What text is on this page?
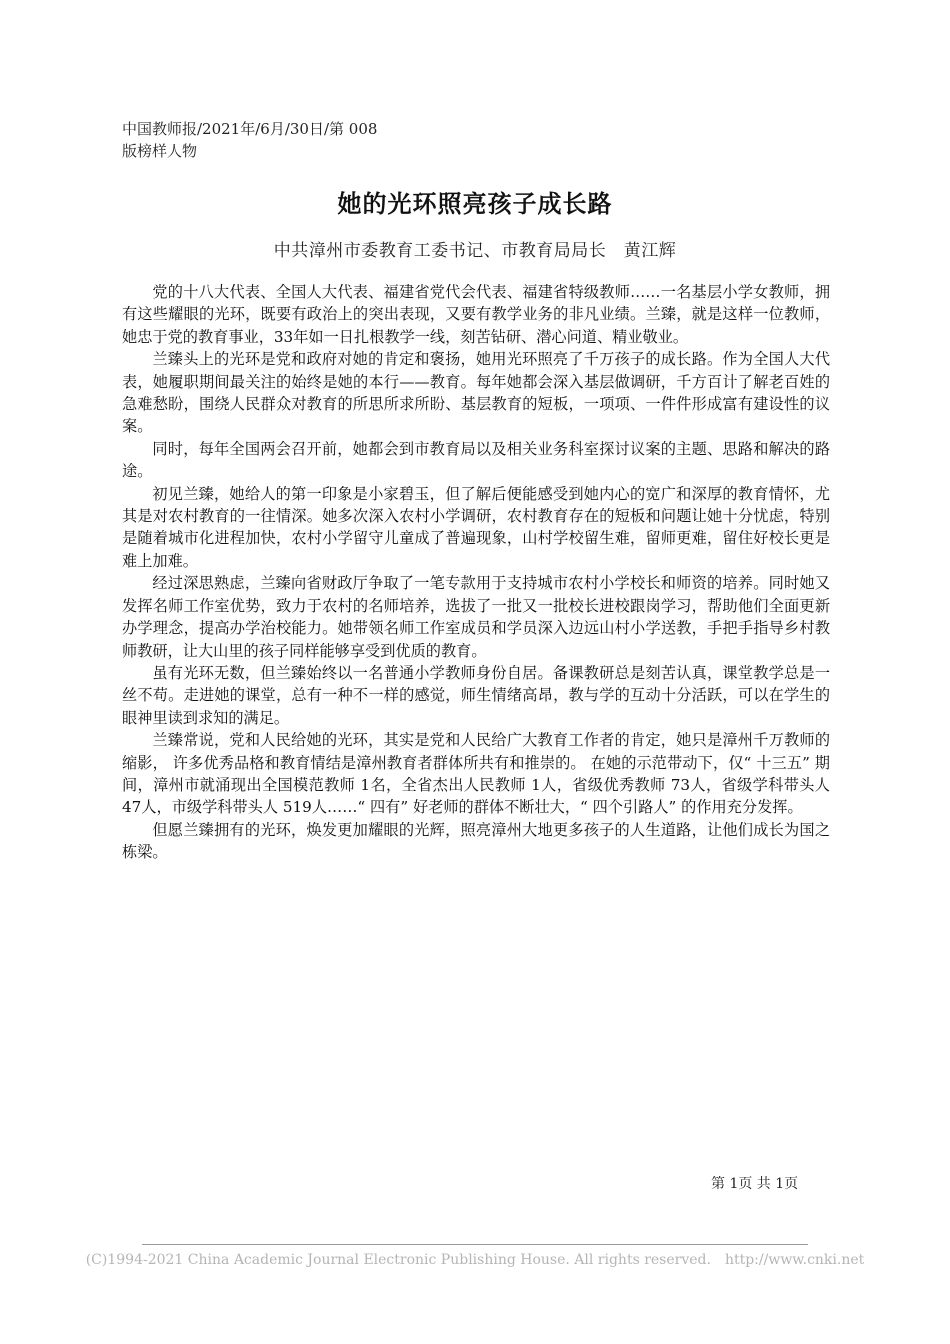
中国教师报/2021年/6月/30日/第 008
版榜样人物
她的光环照亮孩子成长路
中共漳州市委教育工委书记、市教育局局长　黄江辉

党的十八大代表、全国人大代表、福建省党代会代表、福建省特级教师……一名基层小学女教师，拥有这些耀眼的光环，既要有政治上的突出表现，又要有教学业务的非凡业绩。兰臻，就是这样一位教师，她忠于党的教育事业，33年如一日扎根教学一线，刻苦钻研、潜心问道、精业敬业。

兰臻头上的光环是党和政府对她的肯定和褒扬，她用光环照亮了千万孩子的成长路。作为全国人大代表，她履职期间最关注的始终是她的本行——教育。每年她都会深入基层做调研，千方百计了解老百姓的急难愁盼，围绕人民群众对教育的所思所求所盼、基层教育的短板，一项项、一件件形成富有建设性的议案。

同时，每年全国两会召开前，她都会到市教育局以及相关业务科室探讨议案的主题、思路和解决的路途。

初见兰臻，她给人的第一印象是小家碧玉，但了解后便能感受到她内心的宽广和深厚的教育情怀，尤其是对农村教育的一往情深。她多次深入农村小学调研，农村教育存在的短板和问题让她十分忧虑，特别是随着城市化进程加快，农村小学留守儿童成了普遍现象，山村学校留生难，留师更难，留住好校长更是难上加难。

经过深思熟虑，兰臻向省财政厅争取了一笔专款用于支持城市农村小学校长和师资的培养。同时她又发挥名师工作室优势，致力于农村的名师培养，选拔了一批又一批校长进校跟岗学习，帮助他们全面更新办学理念，提高办学治校能力。她带领名师工作室成员和学员深入边远山村小学送教，手把手指导乡村教师教研，让大山里的孩子同样能够享受到优质的教育。

虽有光环无数，但兰臻始终以一名普通小学教师身份自居。备课教研总是刻苦认真，课堂教学总是一丝不苟。走进她的课堂，总有一种不一样的感觉，师生情绪高昂，教与学的互动十分活跃，可以在学生的眼神里读到求知的满足。

兰臻常说，党和人民给她的光环，其实是党和人民给广大教育工作者的肯定，她只是漳州千万教师的缩影， 许多优秀品格和教育情结是漳州教育者群体所共有和推崇的。 在她的示范带动下，仅“ 十三五” 期间，漳州市就涌现出全国模范教师 1名，全省杰出人民教师 1人，省级优秀教师 73人，省级学科带头人 47人，市级学科带头人 519人……“ 四有” 好老师的群体不断壮大，“ 四个引路人” 的作用充分发挥。

但愿兰臻拥有的光环，焕发更加耀眼的光辉，照亮漳州大地更多孩子的人生道路，让他们成长为国之栋梁。

第 1页 共 1页
(C)1994-2021 China Academic Journal Electronic Publishing House. All rights reserved.　http://www.cnki.net
